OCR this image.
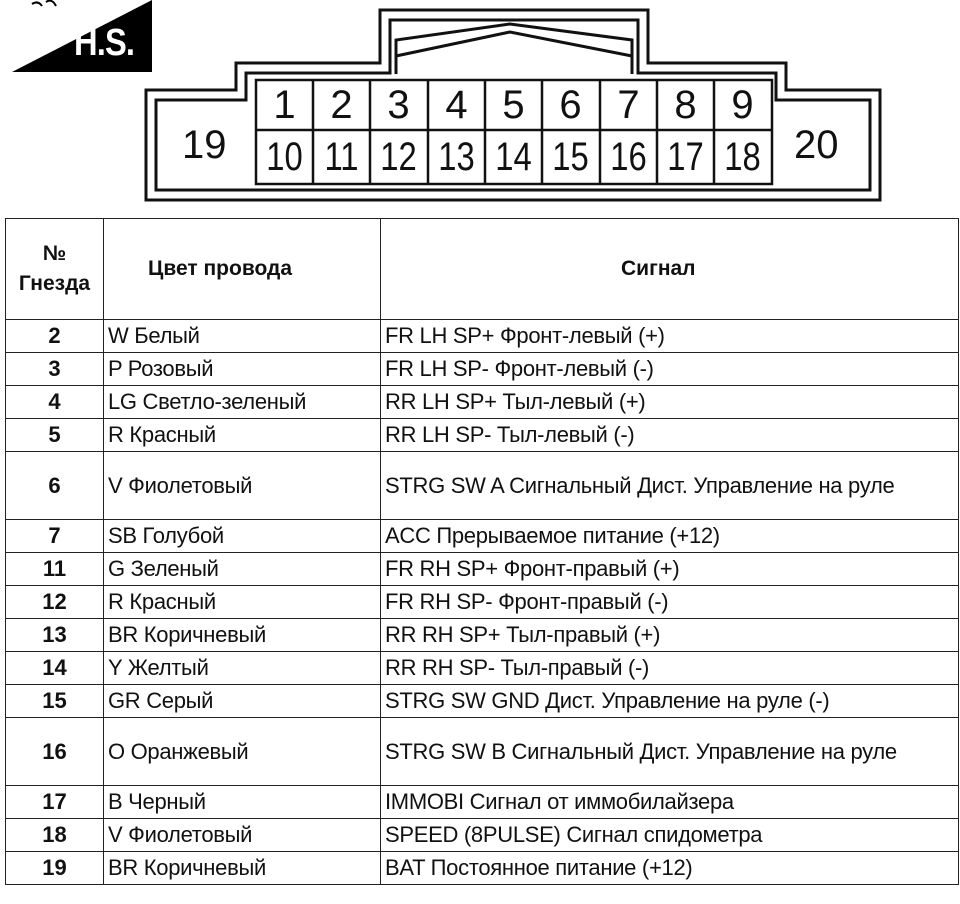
H.S.
19	20
1 2 3 4 5 6 7 8 9
10 11 12 13 14 15 16 17 18
№
Гнезда	Цвет провода	Сигнал
2	W Белый	FR LH SP+ Фронт-левый (+)
3	P Розовый	FR LH SP- Фронт-левый (-)
4	LG Светло-зеленый	RR LH SP+ Тыл-левый (+)
5	R Красный	RR LH SP- Тыл-левый (-)
6	V Фиолетовый	STRG SW A Сигнальный Дист. Управление на руле
7	SB Голубой	ACC Прерываемое питание (+12)
11	G Зеленый	FR RH SP+ Фронт-правый (+)
12	R Красный	FR RH SP- Фронт-правый (-)
13	BR Коричневый	RR RH SP+ Тыл-правый (+)
14	Y Желтый	RR RH SP- Тыл-правый (-)
15	GR Серый	STRG SW GND Дист. Управление на руле (-)
16	O Оранжевый	STRG SW B Сигнальный Дист. Управление на руле
17	B Черный	IMMOBI Сигнал от иммобилайзера
18	V Фиолетовый	SPEED (8PULSE) Сигнал спидометра
19	BR Коричневый	BAT Постоянное питание (+12)
